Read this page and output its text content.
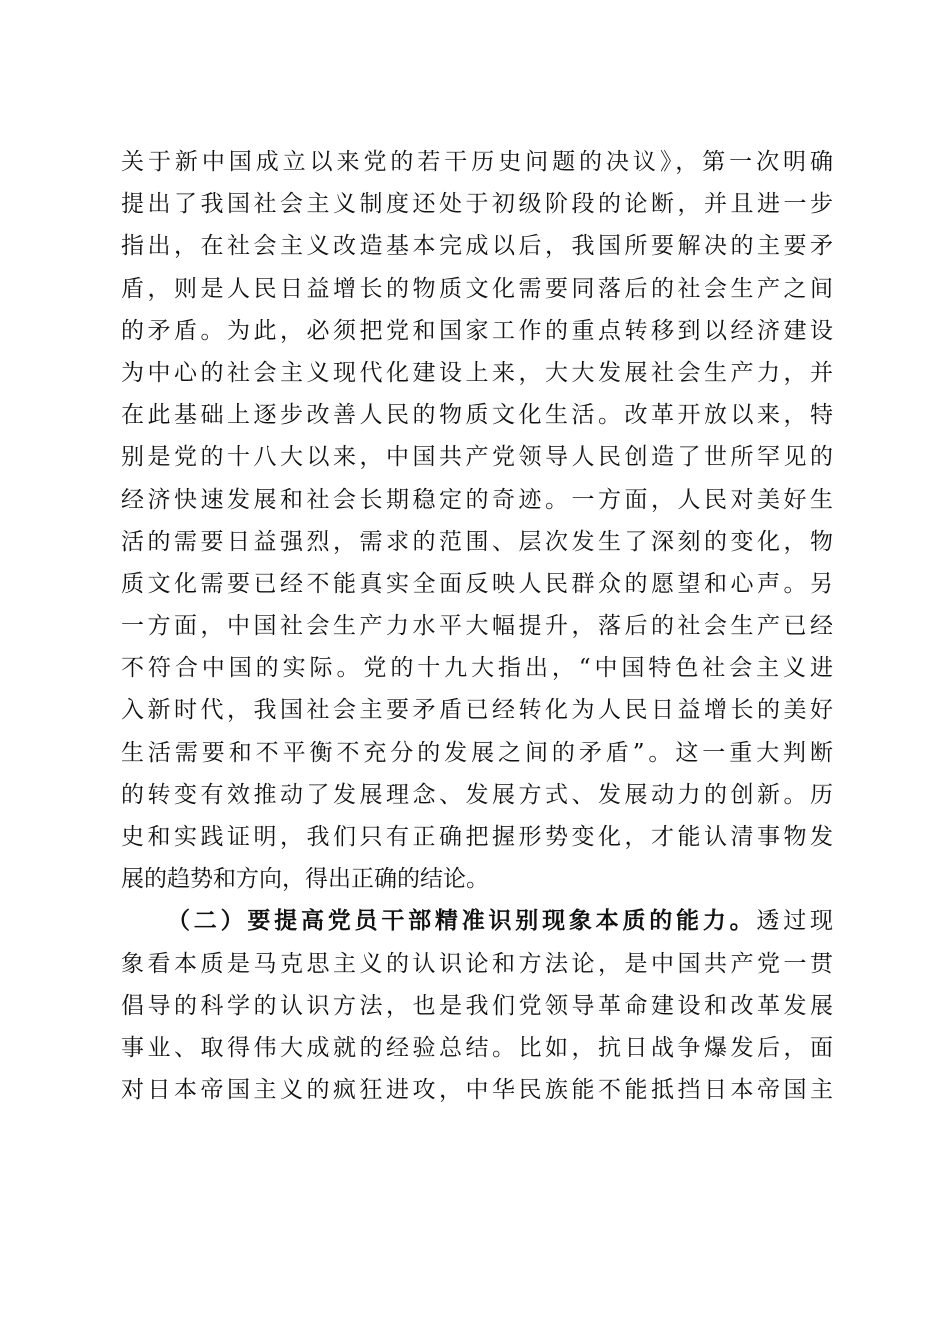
关于新中国成立以来党的若干历史问题的决议》，第一次明确
提出了我国社会主义制度还处于初级阶段的论断，并且进一步
指出，在社会主义改造基本完成以后，我国所要解决的主要矛
盾，则是人民日益增长的物质文化需要同落后的社会生产之间
的矛盾。为此，必须把党和国家工作的重点转移到以经济建设
为中心的社会主义现代化建设上来，大大发展社会生产力，并
在此基础上逐步改善人民的物质文化生活。改革开放以来，特
别是党的十八大以来，中国共产党领导人民创造了世所罕见的
经济快速发展和社会长期稳定的奇迹。一方面，人民对美好生
活的需要日益强烈，需求的范围、层次发生了深刻的变化，物
质文化需要已经不能真实全面反映人民群众的愿望和心声。另
一方面，中国社会生产力水平大幅提升，落后的社会生产已经
不符合中国的实际。党的十九大指出，“中国特色社会主义进
入新时代，我国社会主要矛盾已经转化为人民日益增长的美好
生活需要和不平衡不充分的发展之间的矛盾”。这一重大判断
的转变有效推动了发展理念、发展方式、发展动力的创新。历
史和实践证明，我们只有正确把握形势变化，才能认清事物发
展的趋势和方向，得出正确的结论。
（二）要提高党员干部精准识别现象本质的能力。透过现
象看本质是马克思主义的认识论和方法论，是中国共产党一贯
倡导的科学的认识方法，也是我们党领导革命建设和改革发展
事业、取得伟大成就的经验总结。比如，抗日战争爆发后，面
对日本帝国主义的疯狂进攻，中华民族能不能抵挡日本帝国主
